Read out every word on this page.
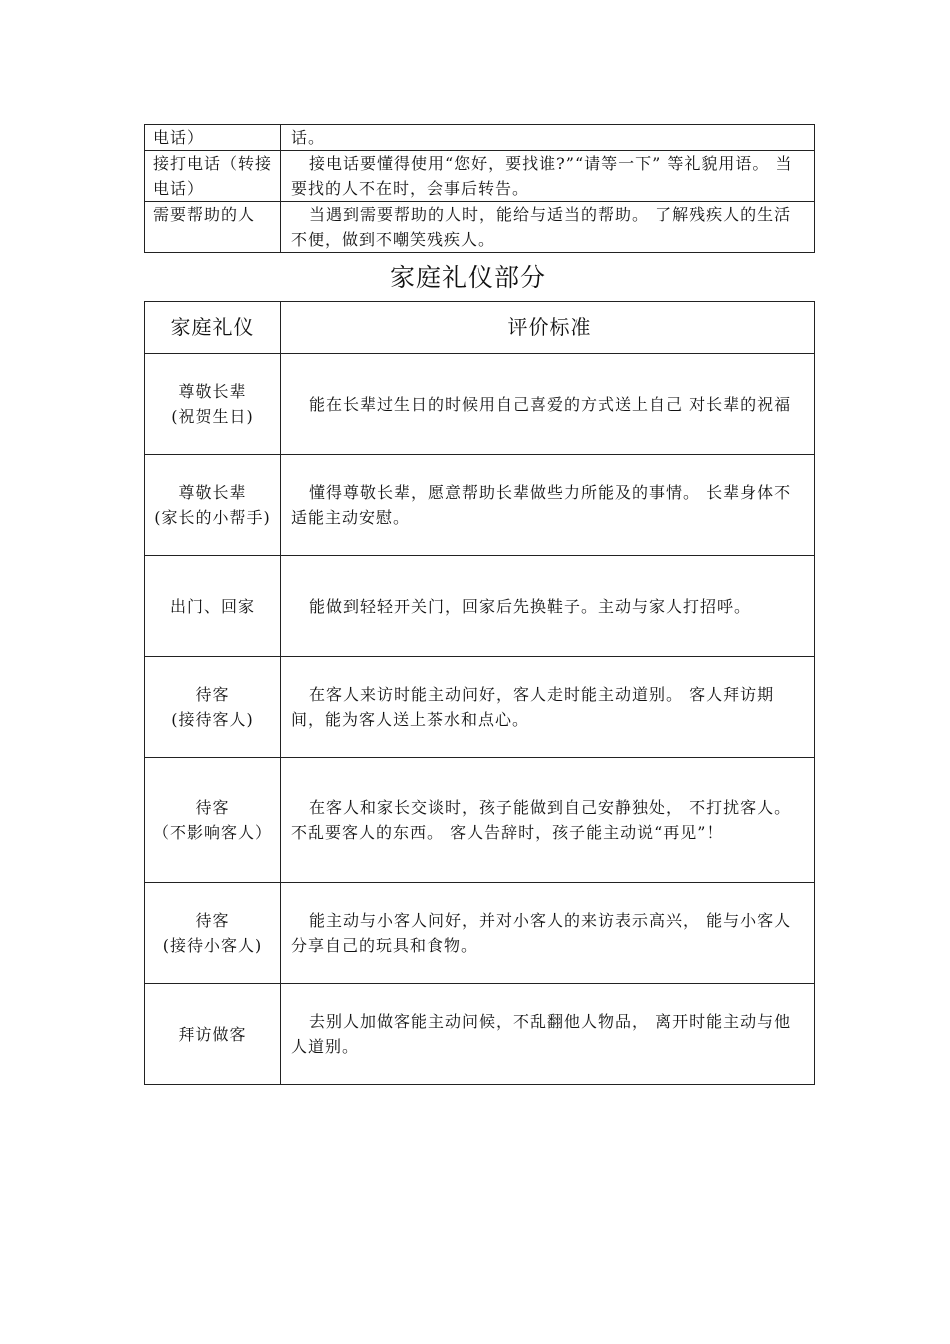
电话）	话。
接打电话（转接电话）	接电话要懂得使用“您好，要找谁?”“请等一下” 等礼貌用语。 当要找的人不在时，会事后转告。
需要帮助的人	当遇到需要帮助的人时，能给与适当的帮助。 了解残疾人的生活不便，做到不嘲笑残疾人。
家庭礼仪部分
家庭礼仪	评价标准

尊敬长辈
(祝贺生日)	能在长辈过生日的时候用自己喜爱的方式送上自己 对长辈的祝福

尊敬长辈
(家长的小帮手)	懂得尊敬长辈，愿意帮助长辈做些力所能及的事情。 长辈身体不适能主动安慰。

出门、回家	能做到轻轻开关门，回家后先换鞋子。主动与家人打招呼。

待客
(接待客人)	在客人来访时能主动问好，客人走时能主动道别。 客人拜访期间，能为客人送上茶水和点心。

待客
（不影响客人）	在客人和家长交谈时，孩子能做到自己安静独处， 不打扰客人。 不乱要客人的东西。 客人告辞时，孩子能主动说“再见”！

待客
(接待小客人)	能主动与小客人问好，并对小客人的来访表示高兴， 能与小客人分享自己的玩具和食物。

拜访做客	去别人加做客能主动问候，不乱翻他人物品， 离开时能主动与他人道别。
